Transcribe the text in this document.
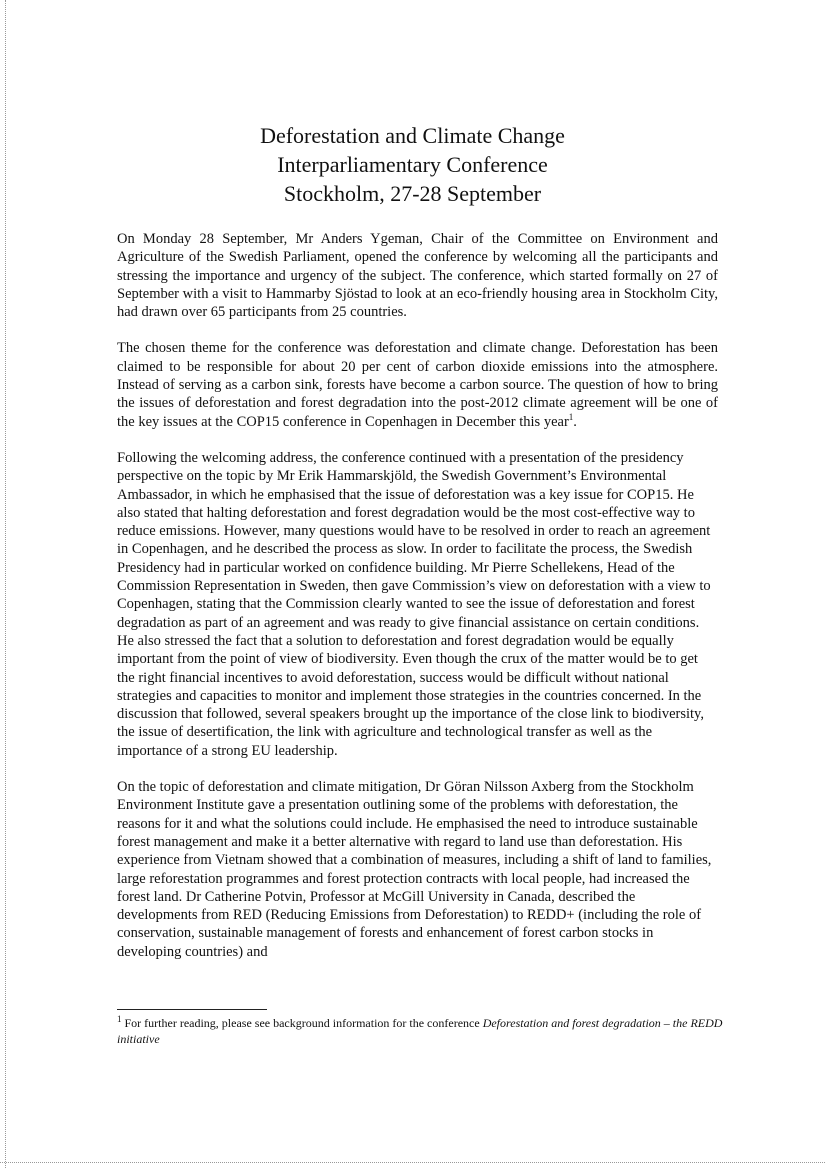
Deforestation and Climate Change
Interparliamentary Conference
Stockholm, 27-28 September

On Monday 28 September, Mr Anders Ygeman, Chair of the Committee on Environment and Agriculture of the Swedish Parliament, opened the conference by welcoming all the participants and stressing the importance and urgency of the subject. The conference, which started formally on 27 of September with a visit to Hammarby Sjöstad to look at an eco-friendly housing area in Stockholm City, had drawn over 65 participants from 25 countries.

The chosen theme for the conference was deforestation and climate change. Deforestation has been claimed to be responsible for about 20 per cent of carbon dioxide emissions into the atmosphere. Instead of serving as a carbon sink, forests have become a carbon source. The question of how to bring the issues of deforestation and forest degradation into the post-2012 climate agreement will be one of the key issues at the COP15 conference in Copenhagen in December this year$^1$.

Following the welcoming address, the conference continued with a presentation of the presidency perspective on the topic by Mr Erik Hammarskjöld, the Swedish Government’s Environmental Ambassador, in which he emphasised that the issue of deforestation was a key issue for COP15. He also stated that halting deforestation and forest degradation would be the most cost-effective way to reduce emissions. However, many questions would have to be resolved in order to reach an agreement in Copenhagen, and he described the process as slow. In order to facilitate the process, the Swedish Presidency had in particular worked on confidence building. Mr Pierre Schellekens, Head of the Commission Representation in Sweden, then gave Commission’s view on deforestation with a view to Copenhagen, stating that the Commission clearly wanted to see the issue of deforestation and forest degradation as part of an agreement and was ready to give financial assistance on certain conditions. He also stressed the fact that a solution to deforestation and forest degradation would be equally important from the point of view of biodiversity. Even though the crux of the matter would be to get the right financial incentives to avoid deforestation, success would be difficult without national strategies and capacities to monitor and implement those strategies in the countries concerned. In the discussion that followed, several speakers brought up the importance of the close link to biodiversity, the issue of desertification, the link with agriculture and technological transfer as well as the importance of a strong EU leadership.

On the topic of deforestation and climate mitigation, Dr Göran Nilsson Axberg from the Stockholm Environment Institute gave a presentation outlining some of the problems with deforestation, the reasons for it and what the solutions could include. He emphasised the need to introduce sustainable forest management and make it a better alternative with regard to land use than deforestation. His experience from Vietnam showed that a combination of measures, including a shift of land to families, large reforestation programmes and forest protection contracts with local people, had increased the forest land. Dr Catherine Potvin, Professor at McGill University in Canada, described the developments from RED (Reducing Emissions from Deforestation) to REDD+ (including the role of conservation, sustainable management of forests and enhancement of forest carbon stocks in developing countries) and

$^1$ For further reading, please see background information for the conference Deforestation and forest degradation – the REDD initiative
